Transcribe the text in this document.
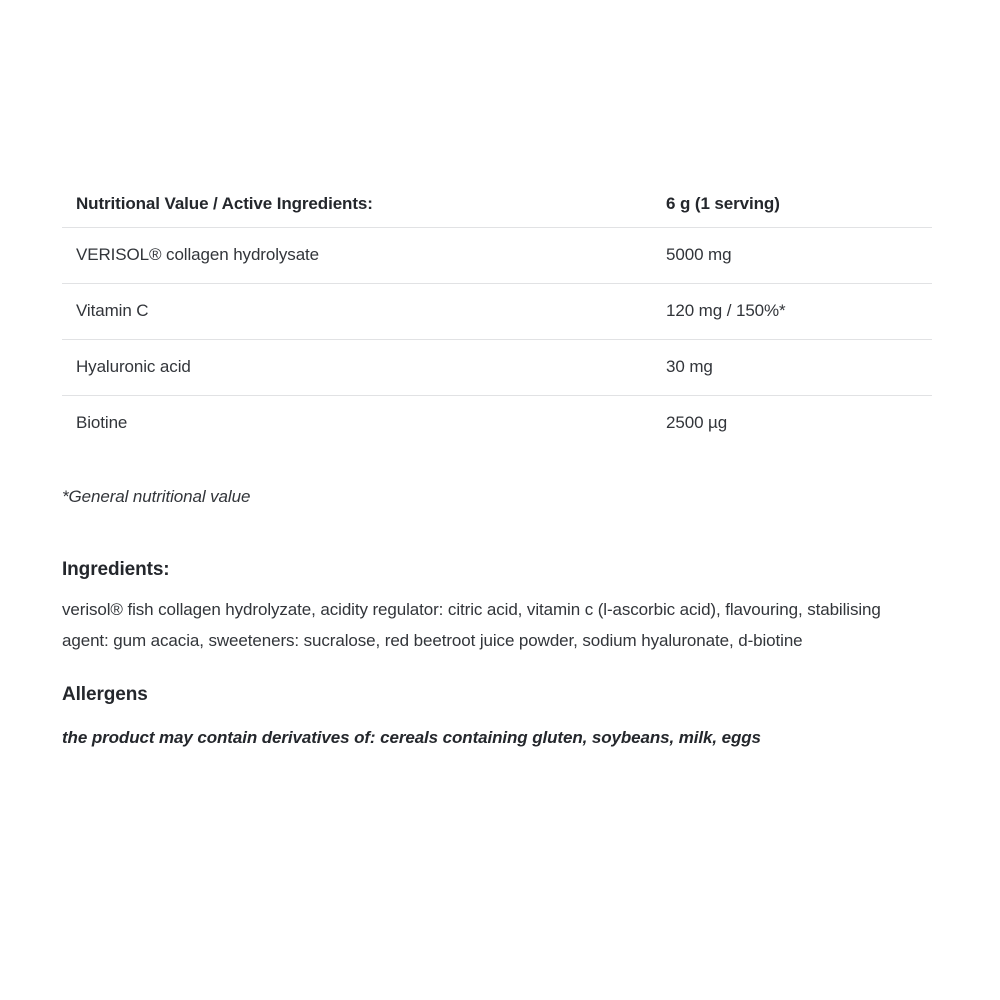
Nutritional Value / Active Ingredients:	6 g (1 serving)
VERISOL® collagen hydrolysate	5000 mg
Vitamin C	120 mg / 150%*
Hyaluronic acid	30 mg
Biotine	2500 µg

*General nutritional value

Ingredients:

verisol® fish collagen hydrolyzate, acidity regulator: citric acid, vitamin c (l-ascorbic acid), flavouring, stabilising agent: gum acacia, sweeteners: sucralose, red beetroot juice powder, sodium hyaluronate, d-biotine

Allergens

the product may contain derivatives of: cereals containing gluten, soybeans, milk, eggs
